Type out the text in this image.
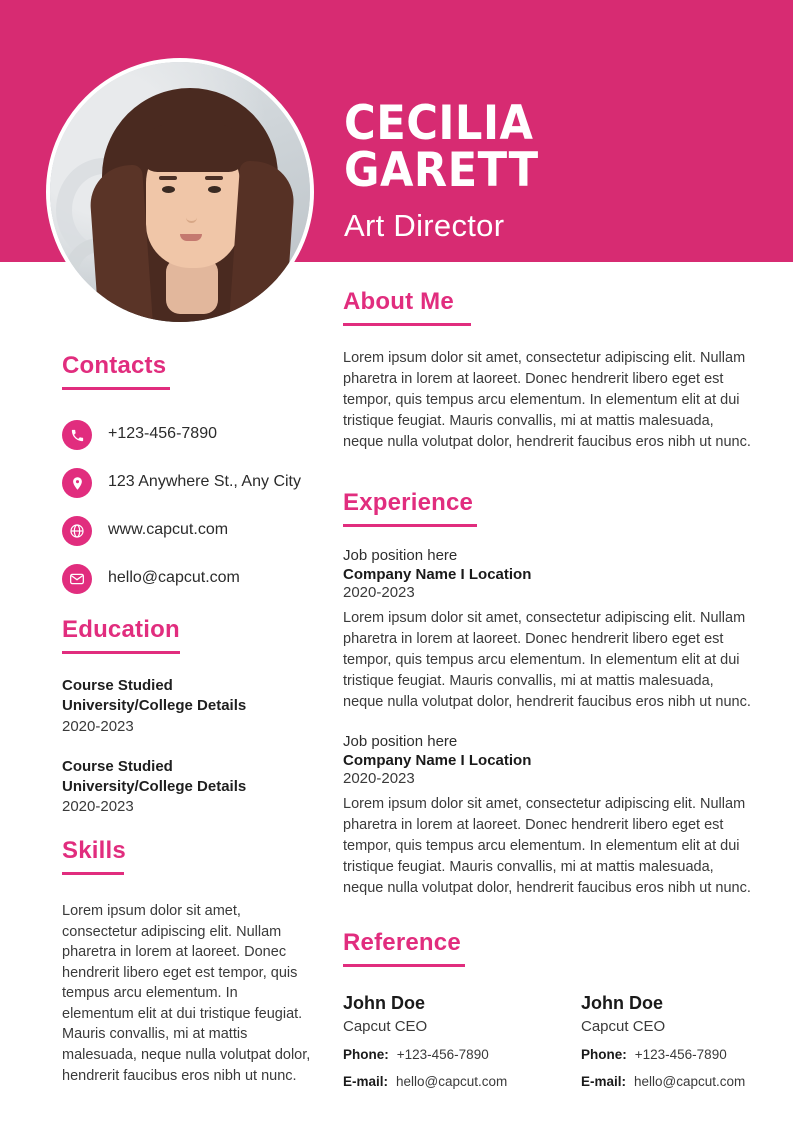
CECILIA GARETT
Art Director
Contacts
+123-456-7890
123 Anywhere St., Any City
www.capcut.com
hello@capcut.com
Education
Course Studied
University/College Details
2020-2023
Course Studied
University/College Details
2020-2023
Skills
Lorem ipsum dolor sit amet, consectetur adipiscing elit. Nullam pharetra in lorem at laoreet. Donec hendrerit libero eget est tempor, quis tempus arcu elementum. In elementum elit at dui tristique feugiat. Mauris convallis, mi at mattis malesuada, neque nulla volutpat dolor, hendrerit faucibus eros nibh ut nunc.
About Me
Lorem ipsum dolor sit amet, consectetur adipiscing elit. Nullam pharetra in lorem at laoreet. Donec hendrerit libero eget est tempor, quis tempus arcu elementum. In elementum elit at dui tristique feugiat. Mauris convallis, mi at mattis malesuada, neque nulla volutpat dolor, hendrerit faucibus eros nibh ut nunc.
Experience
Job position here
Company Name I Location
2020-2023
Lorem ipsum dolor sit amet, consectetur adipiscing elit. Nullam pharetra in lorem at laoreet. Donec hendrerit libero eget est tempor, quis tempus arcu elementum. In elementum elit at dui tristique feugiat. Mauris convallis, mi at mattis malesuada, neque nulla volutpat dolor, hendrerit faucibus eros nibh ut nunc.
Job position here
Company Name I Location
2020-2023
Lorem ipsum dolor sit amet, consectetur adipiscing elit. Nullam pharetra in lorem at laoreet. Donec hendrerit libero eget est tempor, quis tempus arcu elementum. In elementum elit at dui tristique feugiat. Mauris convallis, mi at mattis malesuada, neque nulla volutpat dolor, hendrerit faucibus eros nibh ut nunc.
Reference
John Doe
Capcut CEO
Phone: +123-456-7890
E-mail: hello@capcut.com
John Doe
Capcut CEO
Phone: +123-456-7890
E-mail: hello@capcut.com
